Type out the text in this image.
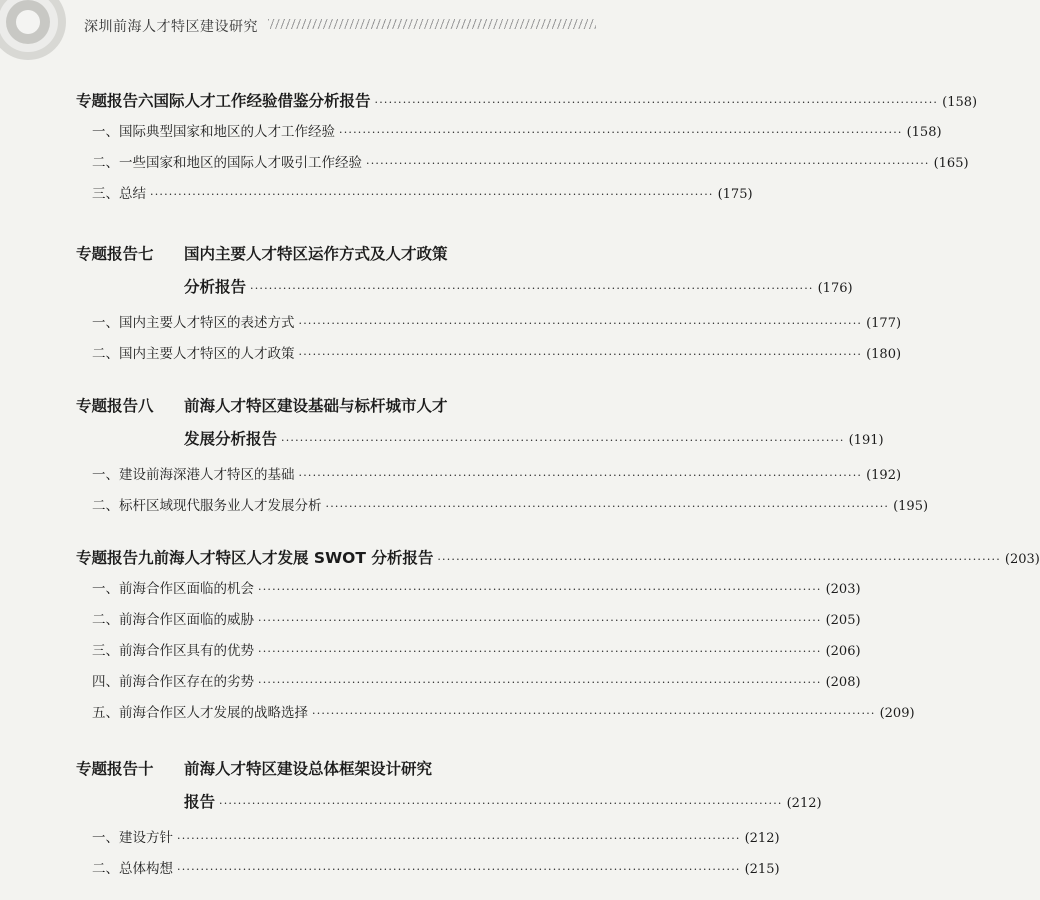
深圳前海人才特区建设研究
专题报告六 国际人才工作经验借鉴分析报告 ························································································································ (158)
一、国际典型国家和地区的人才工作经验 ························································································································ (158)
二、一些国家和地区的国际人才吸引工作经验 ························································································································ (165)
三、总结 ························································································································ (175)
专题报告七	国内主要人才特区运作方式及人才政策
分析报告 ························································································································ (176)
一、国内主要人才特区的表述方式 ························································································································ (177)
二、国内主要人才特区的人才政策 ························································································································ (180)
专题报告八	前海人才特区建设基础与标杆城市人才
发展分析报告 ························································································································ (191)
一、建设前海深港人才特区的基础 ························································································································ (192)
二、标杆区域现代服务业人才发展分析 ························································································································ (195)
专题报告九 前海人才特区人才发展 SWOT 分析报告 ························································································································ (203)
一、前海合作区面临的机会 ························································································································ (203)
二、前海合作区面临的威胁 ························································································································ (205)
三、前海合作区具有的优势 ························································································································ (206)
四、前海合作区存在的劣势 ························································································································ (208)
五、前海合作区人才发展的战略选择 ························································································································ (209)
专题报告十	前海人才特区建设总体框架设计研究
报告 ························································································································ (212)
一、建设方针 ························································································································ (212)
二、总体构想 ························································································································ (215)
